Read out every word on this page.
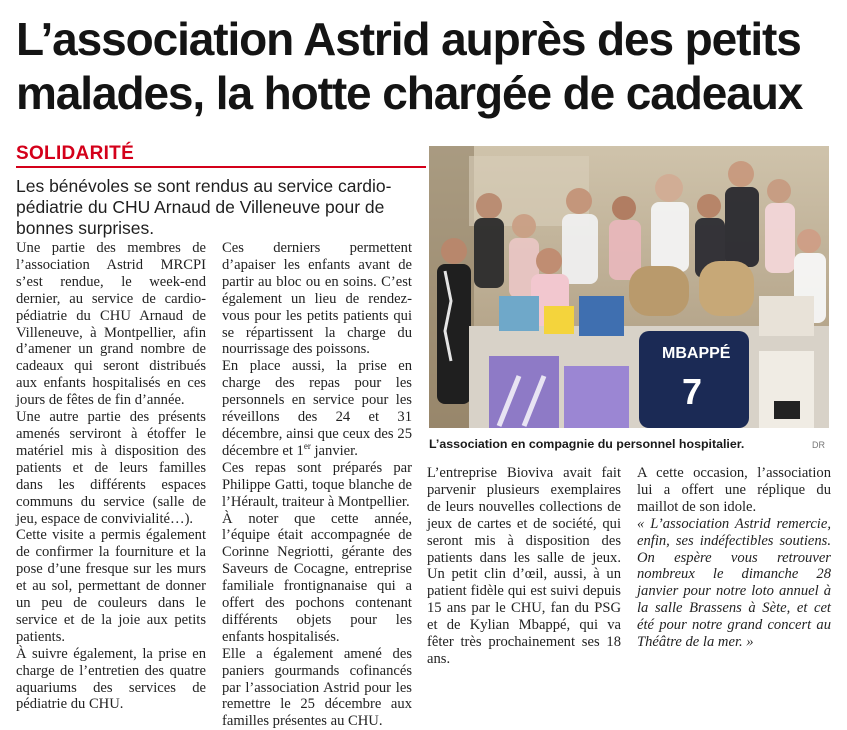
L’association Astrid auprès des petits
malades, la hotte chargée de cadeaux
SOLIDARITÉ
Les bénévoles se sont rendus au service cardio-pédiatrie du CHU Arnaud de Villeneuve pour de bonnes surprises.
MBAPPÉ
7
L’association en compagnie du personnel hospitalier.	DR

Une partie des membres de l’association Astrid MRCPI s’est rendue, le week-end dernier, au service de cardio-pédiatrie du CHU Arnaud de Villeneuve, à Montpellier, afin d’amener un grand nombre de cadeaux qui seront distribués aux enfants hospitalisés en ces jours de fêtes de fin d’année.

Une autre partie des présents amenés serviront à étoffer le matériel mis à disposition des patients et de leurs familles dans les différents espaces communs du service (salle de jeu, espace de convivialité…).

Cette visite a permis également de confirmer la fourniture et la pose d’une fresque sur les murs et au sol, permettant de donner un peu de couleurs dans le service et de la joie aux petits patients.

À suivre également, la prise en charge de l’entretien des quatre aquariums des services de pédiatrie du CHU.

Ces derniers permettent d’apaiser les enfants avant de partir au bloc ou en soins. C’est également un lieu de rendez-vous pour les petits patients qui se répartissent la charge du nourrissage des poissons.

En place aussi, la prise en charge des repas pour les personnels en service pour les réveillons des 24 et 31 décembre, ainsi que ceux des 25 décembre et 1er janvier.

Ces repas sont préparés par Philippe Gatti, toque blanche de l’Hérault, traiteur à Montpellier.

À noter que cette année, l’équipe était accompagnée de Corinne Negriotti, gérante des Saveurs de Cocagne, entreprise familiale frontignanaise qui a offert des pochons contenant différents objets pour les enfants hospitalisés.

Elle a également amené des paniers gourmands cofinancés par l’association Astrid pour les remettre le 25 décembre aux familles présentes au CHU.

L’entreprise Bioviva avait fait parvenir plusieurs exemplaires de leurs nouvelles collections de jeux de cartes et de société, qui seront mis à disposition des patients dans les salle de jeux. Un petit clin d’œil, aussi, à un patient fidèle qui est suivi depuis 15 ans par le CHU, fan du PSG et de Kylian Mbappé, qui va fêter très prochainement ses 18 ans.

A cette occasion, l’association lui a offert une réplique du maillot de son idole.

« L’association Astrid remercie, enfin, ses indéfectibles soutiens. On espère vous retrouver nombreux le dimanche 28 janvier pour notre loto annuel à la salle Brassens à Sète, et cet été pour notre grand concert au Théâtre de la mer. »
